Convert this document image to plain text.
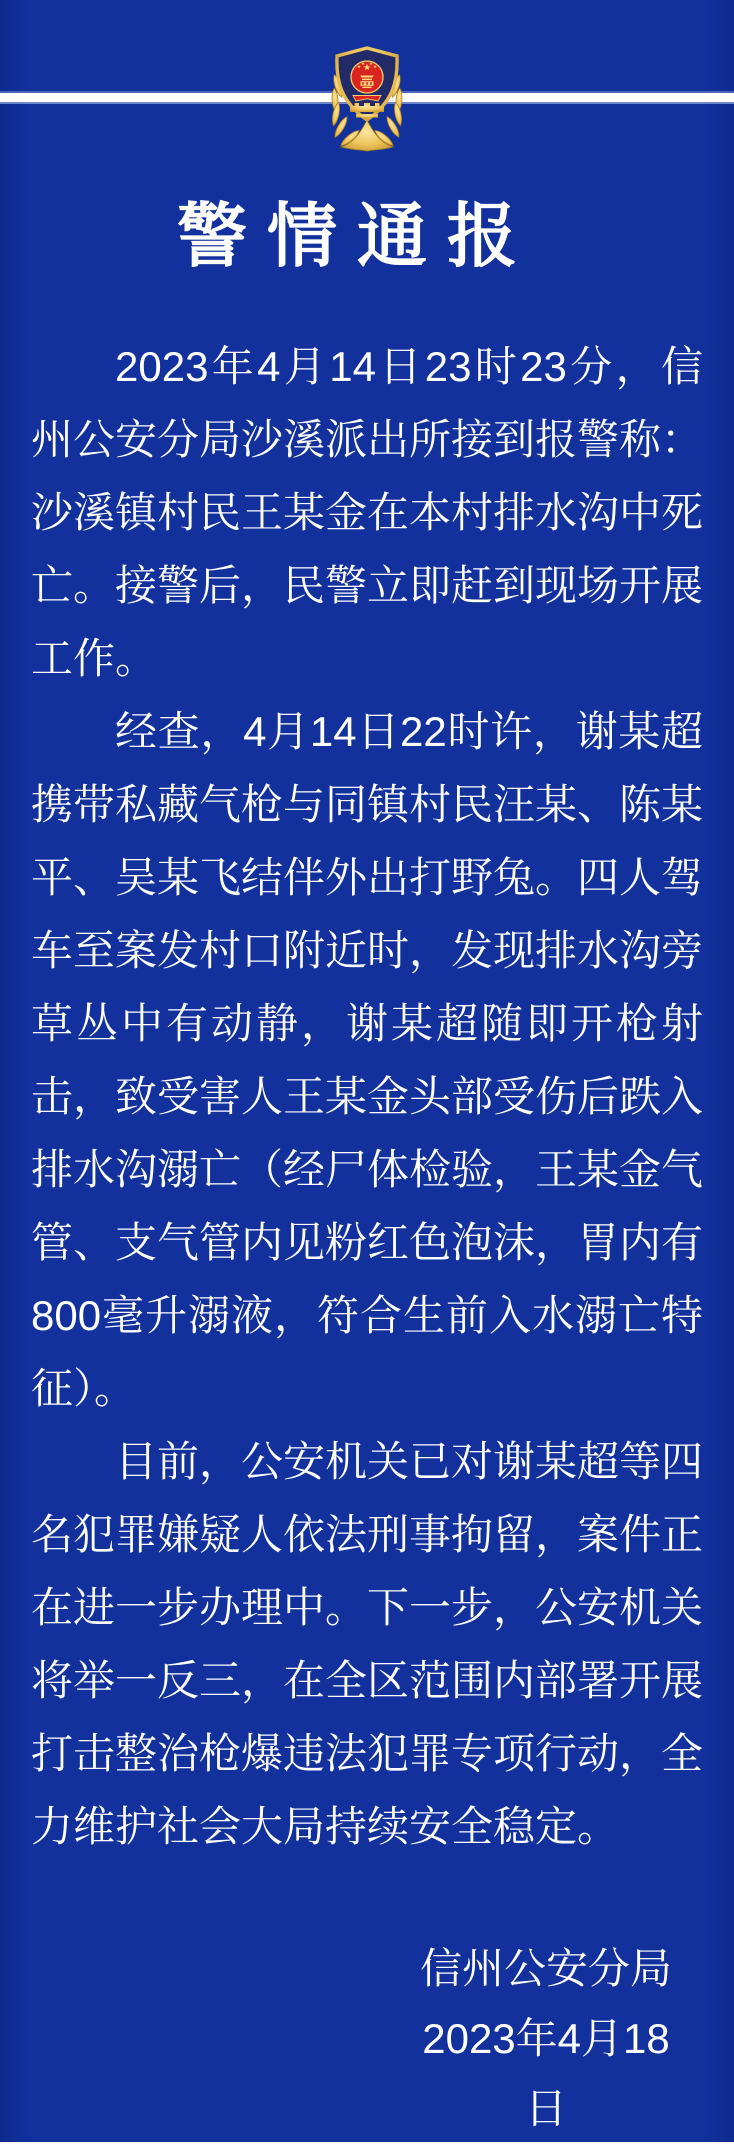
警情通报

2023年4月14日23时23分，信州公安分局沙溪派出所接到报警称：沙溪镇村民王某金在本村排水沟中死亡。接警后，民警立即赶到现场开展工作。

经查，4月14日22时许，谢某超携带私藏气枪与同镇村民汪某、陈某平、吴某飞结伴外出打野兔。四人驾车至案发村口附近时，发现排水沟旁草丛中有动静，谢某超随即开枪射击，致受害人王某金头部受伤后跌入排水沟溺亡（经尸体检验，王某金气管、支气管内见粉红色泡沫，胃内有800毫升溺液，符合生前入水溺亡特征）。

目前，公安机关已对谢某超等四名犯罪嫌疑人依法刑事拘留，案件正在进一步办理中。下一步，公安机关将举一反三，在全区范围内部署开展打击整治枪爆违法犯罪专项行动，全力维护社会大局持续安全稳定。

信州公安分局
2023年4月18日
